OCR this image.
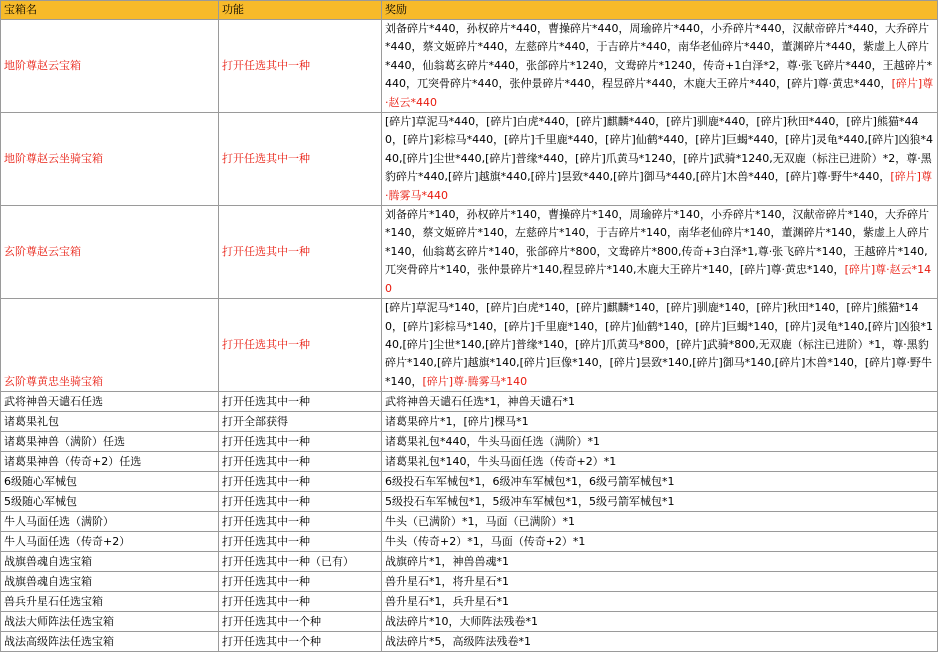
宝箱名	功能	奖励
地阶尊赵云宝箱	打开任选其中一种	刘备碎片*440，孙权碎片*440，曹操碎片*440，周瑜碎片*440，小乔碎片*440，汉献帝碎片*440，大乔碎片*440，蔡文姬碎片*440，左慈碎片*440，于吉碎片*440，南华老仙碎片*440，董渊碎片*440，紫虚上人碎片*440，仙翁葛玄碎片*440，张郃碎片*1240，文鸯碎片*1240，传奇+1白泽*2，尊·张飞碎片*440，王越碎片*440，兀突骨碎片*440，张仲景碎片*440，程昱碎片*440，木鹿大王碎片*440，[碎片]尊·黄忠*440，[碎片]尊·赵云*440
地阶尊赵云坐骑宝箱	打开任选其中一种	[碎片]草泥马*440，[碎片]白虎*440，[碎片]麒麟*440，[碎片]驯鹿*440，[碎片]秋田*440，[碎片]熊猫*440，[碎片]彩棕马*440，[碎片]千里鹿*440，[碎片]仙鹤*440，[碎片]巨蝎*440，[碎片]灵龟*440,[碎片]凶狼*440,[碎片]尘世*440,[碎片]普缘*440，[碎片]爪黄马*1240，[碎片]武骑*1240,无双鹿（标注已进阶）*2，尊·黑豹碎片*440,[碎片]越旗*440,[碎片]昙致*440,[碎片]御马*440,[碎片]木兽*440，[碎片]尊·野牛*440，[碎片]尊·腾雾马*440
玄阶尊赵云宝箱	打开任选其中一种	刘备碎片*140，孙权碎片*140，曹操碎片*140，周瑜碎片*140，小乔碎片*140，汉献帝碎片*140，大乔碎片*140，蔡文姬碎片*140，左慈碎片*140，于吉碎片*140，南华老仙碎片*140，董渊碎片*140，紫虚上人碎片*140，仙翁葛玄碎片*140，张郃碎片*800，文鸯碎片*800,传奇+3白泽*1,尊·张飞碎片*140，王越碎片*140,兀突骨碎片*140，张仲景碎片*140,程昱碎片*140,木鹿大王碎片*140，[碎片]尊·黄忠*140，[碎片]尊·赵云*140
玄阶尊黄忠坐骑宝箱	打开任选其中一种	[碎片]草泥马*140，[碎片]白虎*140，[碎片]麒麟*140，[碎片]驯鹿*140，[碎片]秋田*140，[碎片]熊猫*140，[碎片]彩棕马*140，[碎片]千里鹿*140，[碎片]仙鹤*140，[碎片]巨蝎*140，[碎片]灵龟*140,[碎片]凶狼*140,[碎片]尘世*140,[碎片]普缘*140，[碎片]爪黄马*800，[碎片]武骑*800,无双鹿（标注已进阶）*1，尊·黑豹碎片*140,[碎片]越旗*140,[碎片]巨像*140，[碎片]昙致*140,[碎片]御马*140,[碎片]木兽*140，[碎片]尊·野牛*140，[碎片]尊·腾雾马*140
武将神兽天谴石任选	打开任选其中一种	武将神兽天谴石任选*1，神兽天谴石*1
诸葛果礼包	打开全部获得	诸葛果碎片*1，[碎片]棵马*1
诸葛果神兽（满阶）任选	打开任选其中一种	诸葛果礼包*440，牛头马面任选（满阶）*1
诸葛果神兽（传奇+2）任选	打开任选其中一种	诸葛果礼包*140，牛头马面任选（传奇+2）*1
6级随心军械包	打开任选其中一种	6级投石车军械包*1，6级冲车军械包*1，6级弓箭军械包*1
5级随心军械包	打开任选其中一种	5级投石车军械包*1，5级冲车军械包*1，5级弓箭军械包*1
牛人马面任选（满阶）	打开任选其中一种	牛头（已满阶）*1，马面（已满阶）*1
牛人马面任选（传奇+2）	打开任选其中一种	牛头（传奇+2）*1，马面（传奇+2）*1
战旗兽魂自选宝箱	打开任选其中一种（已有）	战旗碎片*1，神兽兽魂*1
战旗兽魂自选宝箱	打开任选其中一种	兽升星石*1，将升星石*1
兽兵升星石任选宝箱	打开任选其中一种	兽升星石*1，兵升星石*1
战法大师阵法任选宝箱	打开任选其中一个种	战法碎片*10，大师阵法残卷*1
战法高级阵法任选宝箱	打开任选其中一个种	战法碎片*5，高级阵法残卷*1
